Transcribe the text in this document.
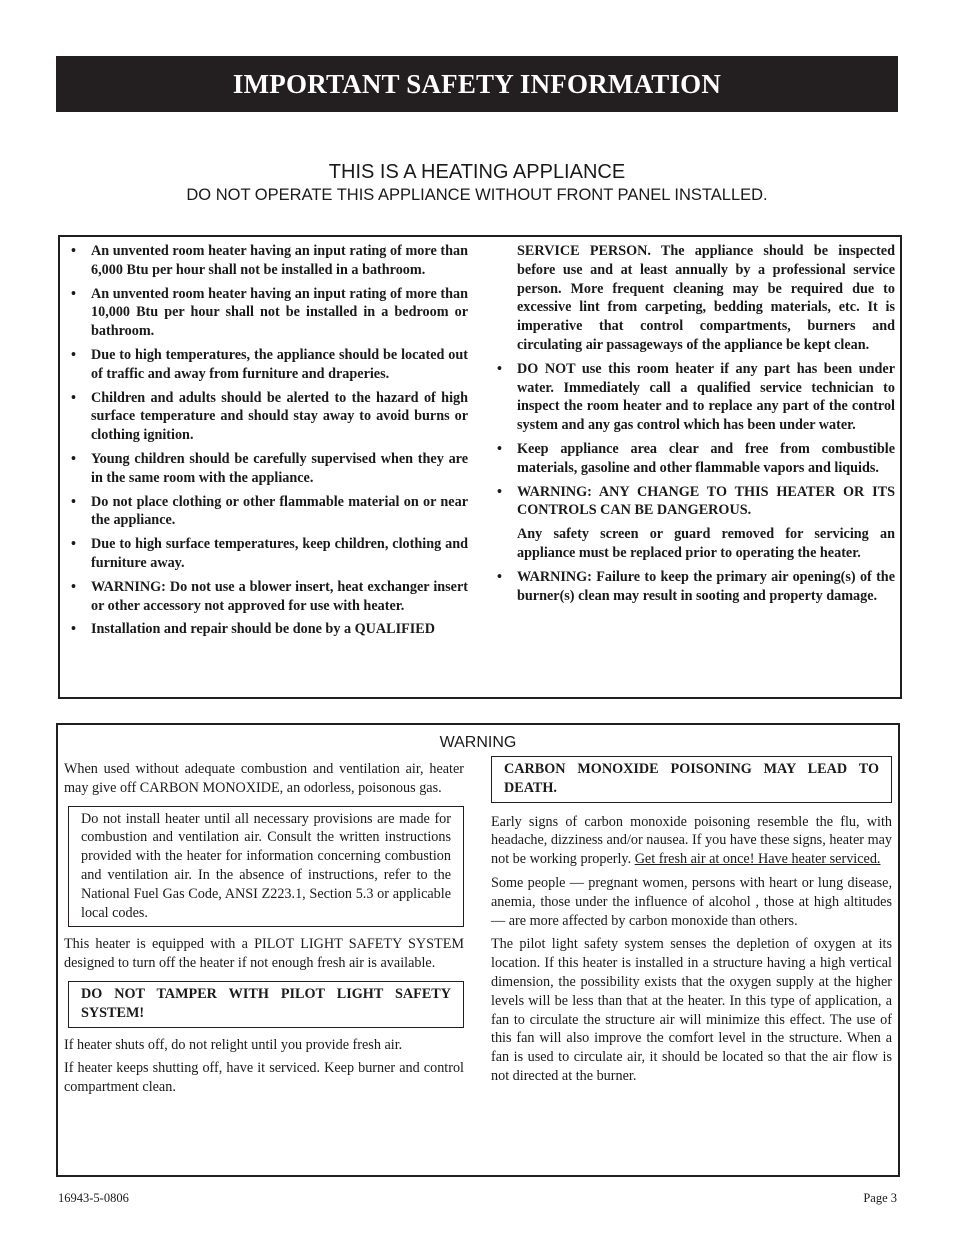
IMPORTANT SAFETY INFORMATION
THIS IS A HEATING APPLIANCE
DO NOT OPERATE THIS APPLIANCE WITHOUT FRONT PANEL INSTALLED.
•	An unvented room heater having an input rating of more than 6,000 Btu per hour shall not be installed in a bathroom.
•	An unvented room heater having an input rating of more than 10,000 Btu per hour shall not be installed in a bedroom or bathroom.
•	Due to high temperatures, the appliance should be located out of traffic and away from furniture and draperies.
•	Children and adults should be alerted to the hazard of high surface temperature and should stay away to avoid burns or clothing ignition.
•	Young children should be carefully supervised when they are in the same room with the appliance.
•	Do not place clothing or other flammable material on or near the appliance.
•	Due to high surface temperatures, keep children, clothing and furniture away.
•	WARNING: Do not use a blower insert, heat exchanger insert or other accessory not approved for use with heater.
•	Installation and repair should be done by a QUALIFIED
SERVICE PERSON. The appliance should be inspected before use and at least annually by a professional service person. More frequent cleaning may be required due to excessive lint from carpeting, bedding materials, etc. It is imperative that control compartments, burners and circulating air passageways of the appliance be kept clean.
•	DO NOT use this room heater if any part has been under water. Immediately call a qualified service technician to inspect the room heater and to replace any part of the control system and any gas control which has been under water.
•	Keep appliance area clear and free from combustible materials, gasoline and other flammable vapors and liquids.
•	WARNING: ANY CHANGE TO THIS HEATER OR ITS CONTROLS CAN BE DANGEROUS.
Any safety screen or guard removed for servicing an appliance must be replaced prior to operating the heater.
•	WARNING: Failure to keep the primary air opening(s) of the burner(s) clean may result in sooting and property damage.
WARNING

When used without adequate combustion and ventilation air, heater may give off CARBON MONOXIDE, an odorless, poisonous gas.

Do not install heater until all necessary provisions are made for combustion and ventilation air. Consult the written instructions provided with the heater for information concerning combustion and ventilation air. In the absence of instructions, refer to the National Fuel Gas Code, ANSI Z223.1, Section 5.3 or applicable local codes.

This heater is equipped with a PILOT LIGHT SAFETY SYSTEM designed to turn off the heater if not enough fresh air is available.

DO NOT TAMPER WITH PILOT LIGHT SAFETY SYSTEM!

If heater shuts off, do not relight until you provide fresh air.

If heater keeps shutting off, have it serviced. Keep burner and control compartment clean.

CARBON MONOXIDE POISONING MAY LEAD TO DEATH.

Early signs of carbon monoxide poisoning resemble the flu, with headache, dizziness and/or nausea. If you have these signs, heater may not be working properly. Get fresh air at once! Have heater serviced.

Some people — pregnant women, persons with heart or lung disease, anemia, those under the influence of alcohol , those at high altitudes — are more affected by carbon monoxide than others.

The pilot light safety system senses the depletion of oxygen at its location. If this heater is installed in a structure having a high vertical dimension, the possibility exists that the oxygen supply at the higher levels will be less than that at the heater. In this type of application, a fan to circulate the structure air will minimize this effect. The use of this fan will also improve the comfort level in the structure. When a fan is used to circulate air, it should be located so that the air flow is not directed at the burner.

16943-5-0806	Page 3
